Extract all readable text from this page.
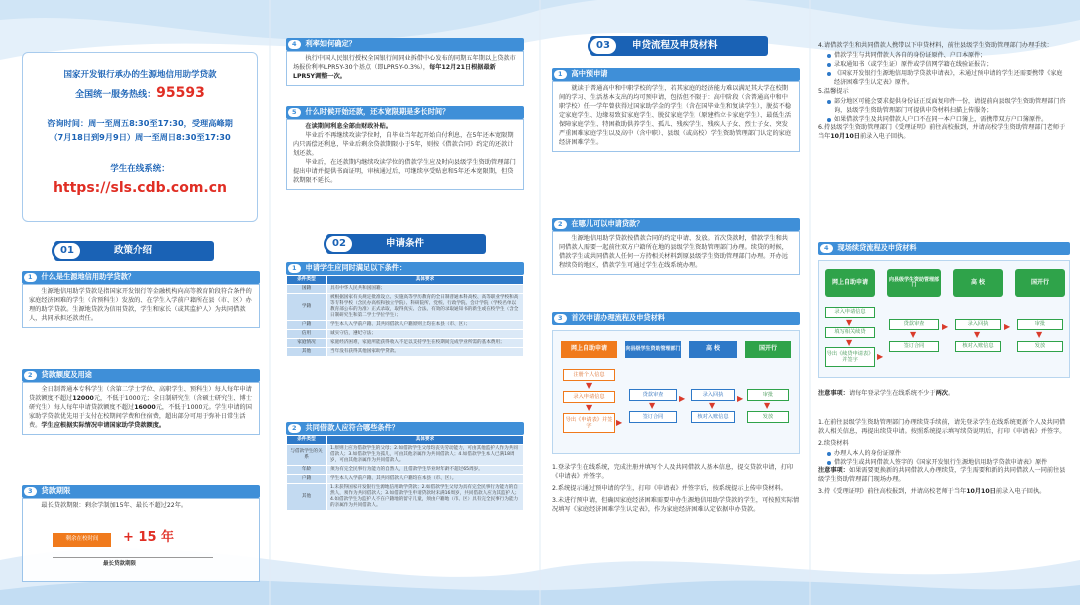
国家开发银行承办的生源地信用助学贷款
全国统一服务热线：95593
咨询时间：周一至周五8:30至17:30，受理高峰期
（7月18日到9月9日）周一至周日8:30至17:30
学生在线系统：
https://sls.cdb.com.cn
01	政策介绍
1	什么是生源地信用助学贷款？
生源地信用助学贷款是指国家开发银行等金融机构向高等教育阶段符合条件的家庭经济困难的学生（含预科生）发放的、在学生入学前户籍所在县（市、区）办理的助学贷款。生源地贷款为信用贷款，学生和家长（或其监护人）为共同借款人，共同承担还款责任。
2	贷款额度及用途
全日制普通本专科学生（含第二学士学位、高职学生、预科生）每人每年申请贷款额度不超过12000元，不低于1000元；全日制研究生（含硕士研究生、博士研究生）每人每年申请贷款额度不超过16000元，不低于1000元。学生申请的国家助学贷款优先用于支付在校期间学费和住宿费，超出部分可用于弥补日常生活费。学生应根据实际情况申请国家助学贷款额度。
3	贷款期限
最长贷款期限：剩余学制加15年、最长不超过22年。
剩余在校时间 + 15 年
最长贷款期限
4	利率如何确定？
执行中国人民银行授权全国银行间同业拆借中心发布的同期五年期以上贷款市场报价利率LPR5Y-30个基点（即LPR5Y-0.3%），每年12月21日根据最新LPR5Y调整一次。
5	什么时候开始还款，还本宽限期是多长时间？
在读期间利息全部由财政补贴。
毕业后不再继续攻读学位时，自毕业当年起开始自付利息，在5年还本宽限期内只需偿还利息，毕业后剩余贷款期限小于5年，则按《借款合同》约定的还款计划还款。
毕业后，在还款期内继续攻读学位的借款学生应及时向县级学生资助管理部门提出申请并提供书面证明，审核通过后，可继续享受贴息和5年还本宽限期，但贷款期限不延长。
02	申请条件
1	申请学生应同时满足以下条件：
条件类型	具体要求
国籍	具有中华人民共和国国籍；
学籍	被根据国家有关规定批准设立、实施高等学历教育的全日制普通本科高校、高等职业学校和高等专科学校（含民办高校和独立学院）、科研院所、党校、行政学院、会计学院（学校名单以教育部公布的为准）正式录取，取得真实、合法、有效的录取通知书的新生或在校学生（含全日制研究生和第二学士学位学生）；
户籍	学生本人入学前户籍、其共同借款人户籍原则上均在本县（市、区）；
信用	诚实守信，遵纪守法；
家庭情况	家庭经济困难，家庭所能获得收入不足以支持学生在校期间完成学业所需的基本费用；
其他	当年没有获得其他国家助学贷款。
2	共同借款人应符合哪些条件？
条件类型	具体要求
与借款学生的关系	1.原则上应为借款学生的父母；2.如借款学生父母均丧失劳动能力，可由其他监护人作为共同借款人；3.如借款学生为孤儿，可由其他亲属作为共同借款人；4.如借款学生本人已满18周岁，可由其他亲属作为共同借款人。
年龄	须为有完全民事行为能力的自然人，且借款学生毕业时年龄不超过65周岁。
户籍	学生本人入学前户籍、其共同借款人户籍均在本县（市、区）。
其他	1.未获得国家开发银行生源地信用助学贷款；2.如借款学生父母为具有完全民事行为能力的自然人，须作为共同借款人；3.如借款学生申请贷款时未满16周岁，共同借款人应为其监护人；4.如借款学生为监护人不在户籍地的留守儿童，须由户籍地（市、区）具有完全民事行为能力的亲属作为共同借款人。
03	申贷流程及申贷材料
1	高中预申请
就读于普通高中和中职学校的学生，若其家庭的经济能力难以满足其大学在校期间的学习、生活基本支出的均可预申请，包括但不限于：高中阶段（含普通高中和中职学校）任一学年曾获得过国家助学金的学生（含在国毕业生和复读学生），脱贫不稳定家庭学生、边缘易致贫家庭学生、脱贫家庭学生（原建档立卡家庭学生）、最低生活保障家庭学生、特困救助供养学生、孤儿、残疾学生、残疾人子女、烈士子女、突发严重困难家庭学生以及高中（含中职）、县级（或高校）学生资助管理部门认定的家庭经济困难学生。
2	在哪儿可以申请贷款？
生源地信用助学贷款按借款合同的约定申请、发放。首次贷款时，借款学生和共同借款人需要一起前往双方户籍所在地的县级学生资助管理部门办理。续贷的时候，借款学生或共同借款人任何一方持相关材料到原县级学生资助管理部门办理。开办远程续贷的地区，借款学生可通过学生在线系统办理。
3	首次申请办理流程及申贷材料
网上自助申请	向县级学生资助管理部门	高 校	国开行
注册个人信息
▼
录入申请信息
▼
导出《申请表》并签字	▶
贷款审查
▼
签订合同
▶	录入回执
▼
核对入账信息
▶	审批
▼
发放
1.登录学生在线系统，完成注册并填写个人及共同借款人基本信息，提交贷款申请，打印《申请表》并签字。
2.系统提示通过预申请的学生，打印《申请表》并签字后，按系统提示上传申贷材料。
3.未进行预申请，但确因家庭经济困难需要申办生源地信用助学贷款的学生，可按照实际情况填写《家庭经济困难学生认定表》，作为家庭经济困难认定依据申办贷款。
4.请借款学生和共同借款人携带以下申贷材料，前往县级学生资助管理部门办理手续：
借款学生与共同借款人各自的身份证原件、户口本原件；
录取通知书（或学生证）原件或学信网学籍在线验证报告；
《国家开发银行生源地信用助学贷款申请表》，未通过预申请的学生还需要携带《家庭经济困难学生认定表》原件。
5.温馨提示
部分地区可能会要求提供身份证正反面复印件一份，请提前向县级学生资助管理部门咨询，县级学生资助管理部门可提供申贷材料扫描上传服务；
如果借款学生及共同借款人户口不在同一本户口簿上，需携带双方户口簿原件。
6.持县级学生资助管理部门《受理证明》前往高校报到，并请高校学生资助管理部门老师于当年10月10日前录入电子回执。
4	现场续贷流程及申贷材料
网上自助申请	向县级学生资助管理部门	高 校	国开行
录入申请信息
▼
填写相关续贷
▼
导出《续贷申请表》并签字	▶
贷款审查
▼
签订合同
▶	录入回执
▼
核对入账信息
▶	审批
▼
发放
注意事项：请每年登录学生在线系统不少于两次。
1.在前往县级学生资助管理部门办理续贷手续前，请先登录学生在线系统更新个人及共同借款人相关信息，再提出续贷申请。按照系统提示填写续贷说明后，打印《申请表》并签字。
2.续贷材料
办理人本人的身份证原件
借款学生或共同借款人签字的《国家开发银行生源地信用助学贷款申请表》原件
注意事项：如果需要更换新的共同借款人办理续贷，学生需要和新的共同借款人一同前往县级学生资助管理部门现场办理。
3.持《受理证明》前往高校报到，并请高校老师于当年10月10日前录入电子回执。
